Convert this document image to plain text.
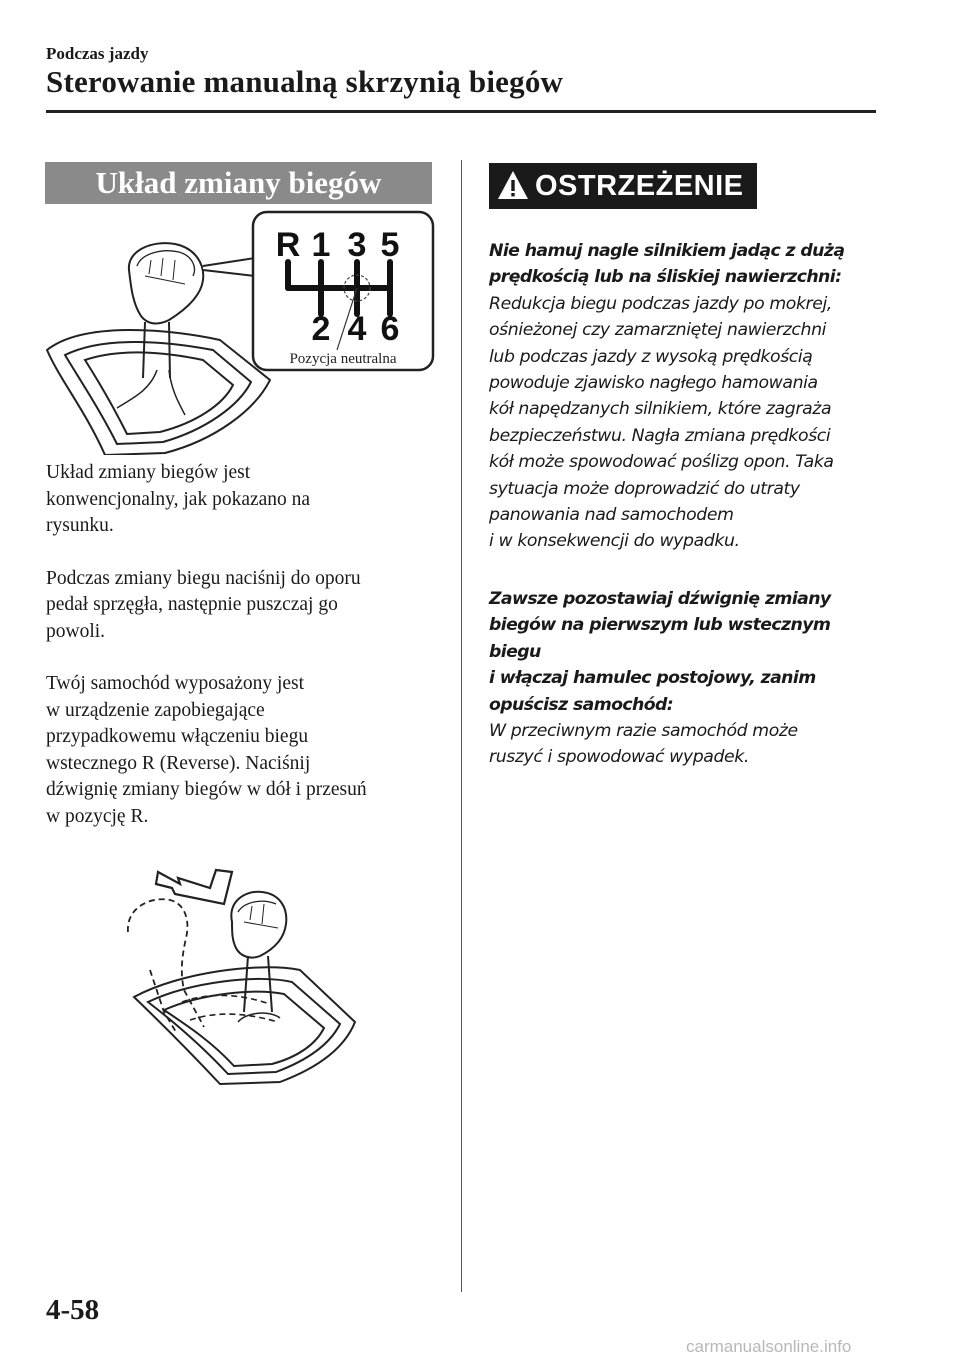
Podczas jazdy
Sterowanie manualną skrzynią biegów
Układ zmiany biegów
R 1 3 5
2 4 6
Pozycja neutralna

Układ zmiany biegów jest
konwencjonalny, jak pokazano na
rysunku.

Podczas zmiany biegu naciśnij do oporu
pedał sprzęgła, następnie puszczaj go
powoli.

Twój samochód wyposażony jest
w urządzenie zapobiegające
przypadkowemu włączeniu biegu
wstecznego R (Reverse). Naciśnij
dźwignię zmiany biegów w dół i przesuń
w pozycję R.

OSTRZEŻENIE
Nie hamuj nagle silnikiem jadąc z dużą
prędkością lub na śliskiej nawierzchni:
Redukcja biegu podczas jazdy po mokrej,
ośnieżonej czy zamarzniętej nawierzchni
lub podczas jazdy z wysoką prędkością
powoduje zjawisko nagłego hamowania
kół napędzanych silnikiem, które zagraża
bezpieczeństwu. Nagła zmiana prędkości
kół może spowodować poślizg opon. Taka
sytuacja może doprowadzić do utraty
panowania nad samochodem
i w konsekwencji do wypadku.
Zawsze pozostawiaj dźwignię zmiany
biegów na pierwszym lub wstecznym biegu
i włączaj hamulec postojowy, zanim
opuścisz samochód:
W przeciwnym razie samochód może
ruszyć i spowodować wypadek.
4-58
carmanualsonline.info
